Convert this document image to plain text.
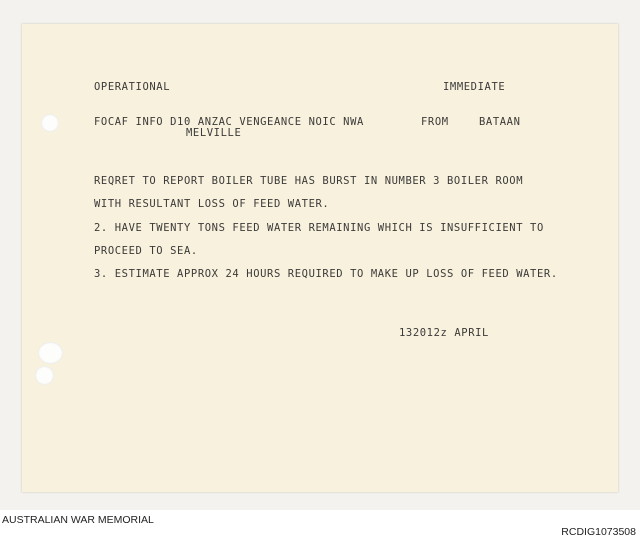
OPERATIONAL	IMMEDIATE
FOCAF INFO D10 ANZAC VENGEANCE NOIC NWA	FROM	BATAAN
MELVILLE
REQRET TO REPORT BOILER TUBE HAS BURST IN NUMBER 3 BOILER ROOM
WITH RESULTANT LOSS OF FEED WATER.
2. HAVE TWENTY TONS FEED WATER REMAINING WHICH IS INSUFFICIENT TO
PROCEED TO SEA.
3. ESTIMATE APPROX 24 HOURS REQUIRED TO MAKE UP LOSS OF FEED WATER.
132012z APRIL
AUSTRALIAN WAR MEMORIAL
RCDIG1073508
